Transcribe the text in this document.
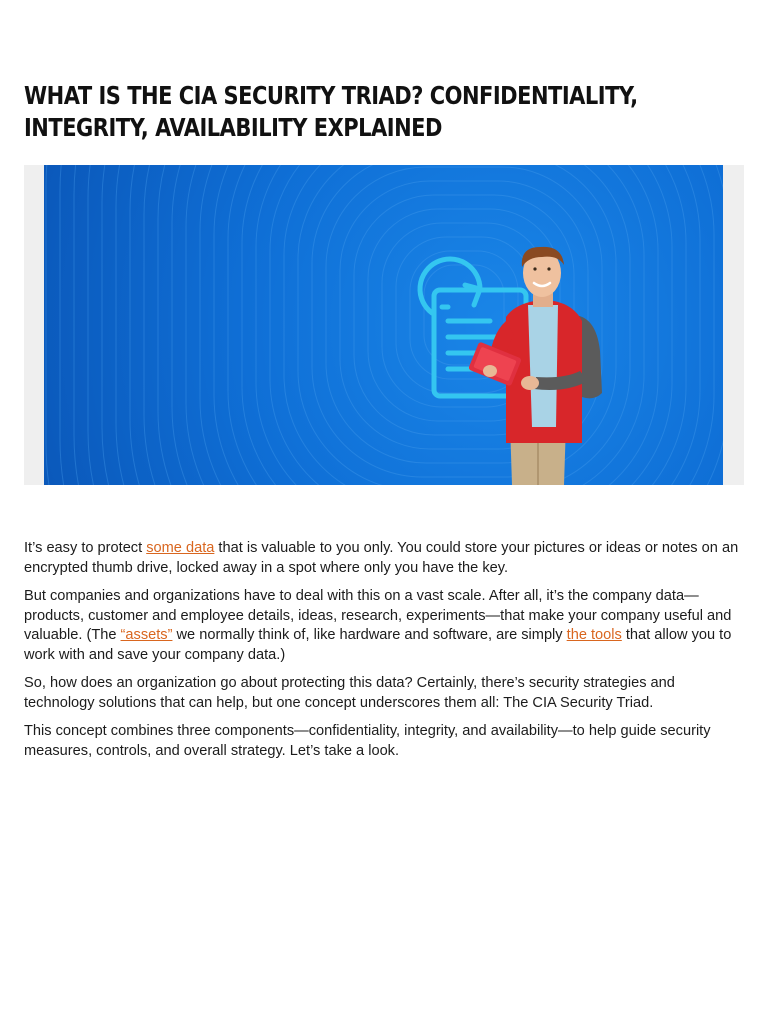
WHAT IS THE CIA SECURITY TRIAD? CONFIDENTIALITY, INTEGRITY, AVAILABILITY EXPLAINED

It’s easy to protect some data that is valuable to you only. You could store your pictures or ideas or notes on an encrypted thumb drive, locked away in a spot where only you have the key.

But companies and organizations have to deal with this on a vast scale. After all, it’s the company data—products, customer and employee details, ideas, research, experiments—that make your company useful and valuable. (The “assets” we normally think of, like hardware and software, are simply the tools that allow you to work with and save your company data.)

So, how does an organization go about protecting this data? Certainly, there’s security strategies and technology solutions that can help, but one concept underscores them all: The CIA Security Triad.

This concept combines three components—confidentiality, integrity, and availability—to help guide security measures, controls, and overall strategy. Let’s take a look.
